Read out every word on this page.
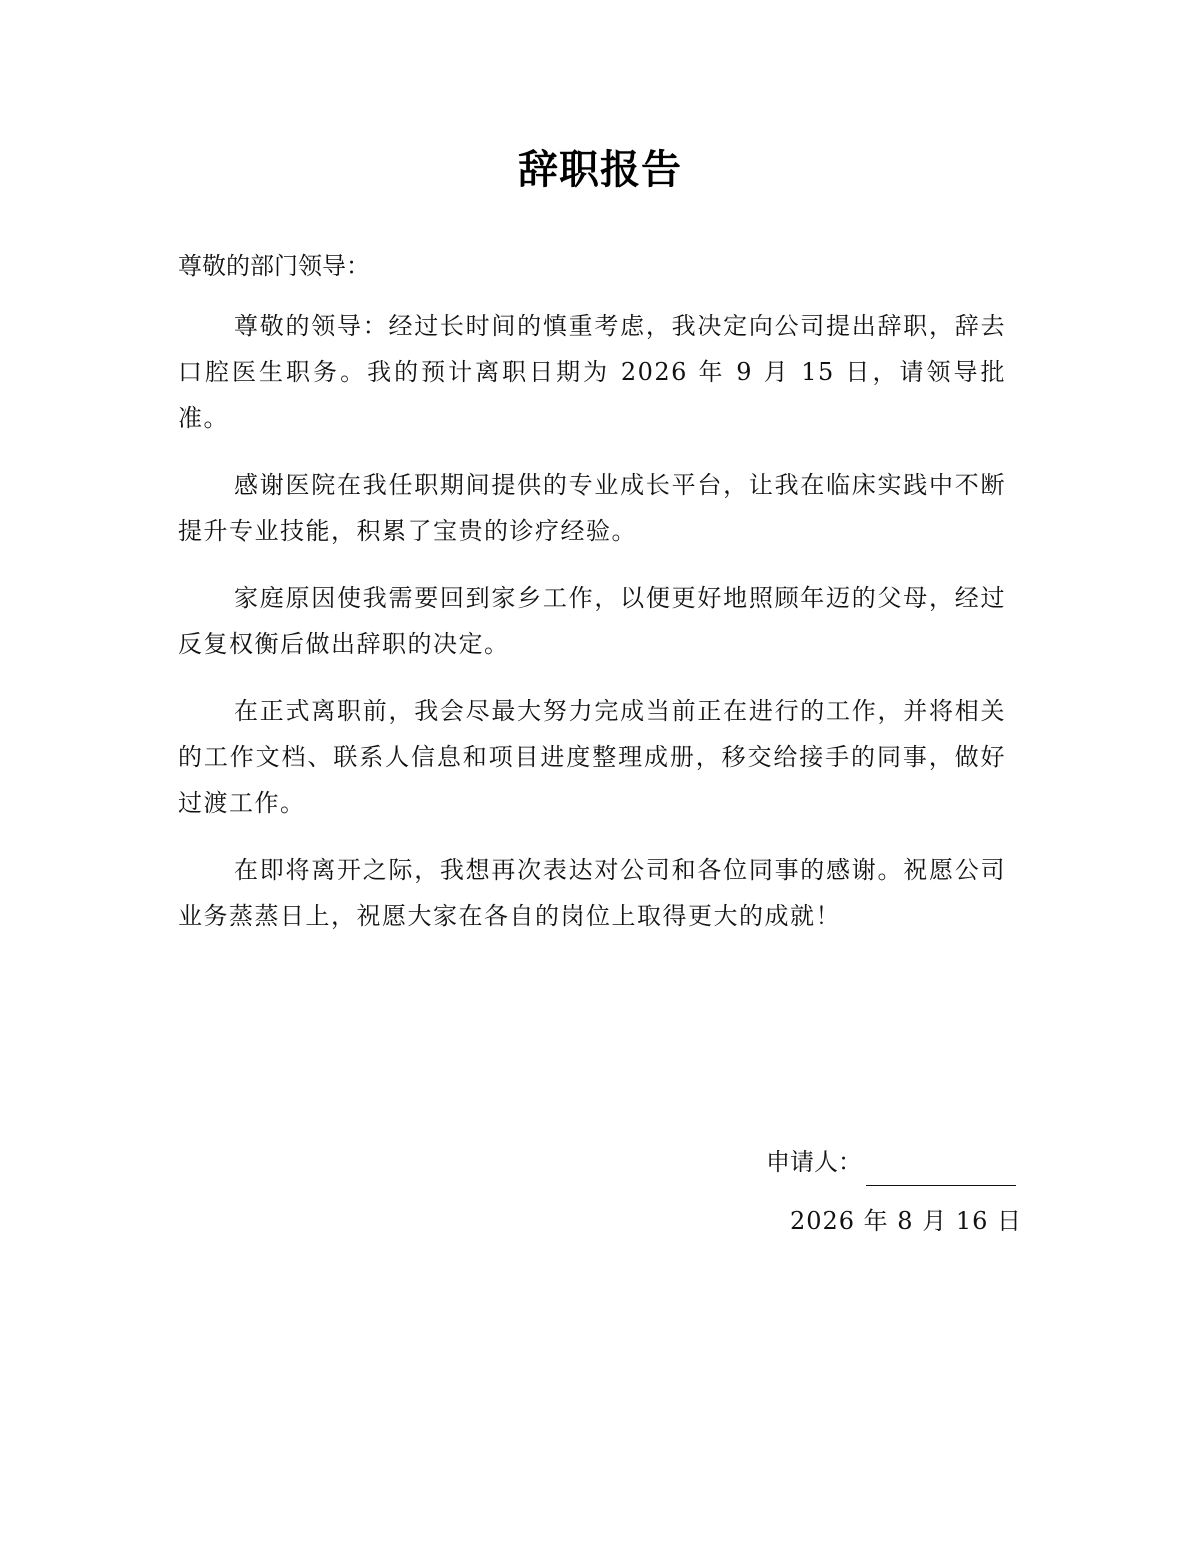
辞职报告
尊敬的部门领导：

尊敬的领导：经过长时间的慎重考虑，我决定向公司提出辞职，辞去口腔医生职务。我的预计离职日期为 2026 年 9 月 15 日，请领导批准。

感谢医院在我任职期间提供的专业成长平台，让我在临床实践中不断提升专业技能，积累了宝贵的诊疗经验。

家庭原因使我需要回到家乡工作，以便更好地照顾年迈的父母，经过反复权衡后做出辞职的决定。

在正式离职前，我会尽最大努力完成当前正在进行的工作，并将相关的工作文档、联系人信息和项目进度整理成册，移交给接手的同事，做好过渡工作。

在即将离开之际，我想再次表达对公司和各位同事的感谢。祝愿公司业务蒸蒸日上，祝愿大家在各自的岗位上取得更大的成就！

申请人：
2026 年 8 月 16 日
